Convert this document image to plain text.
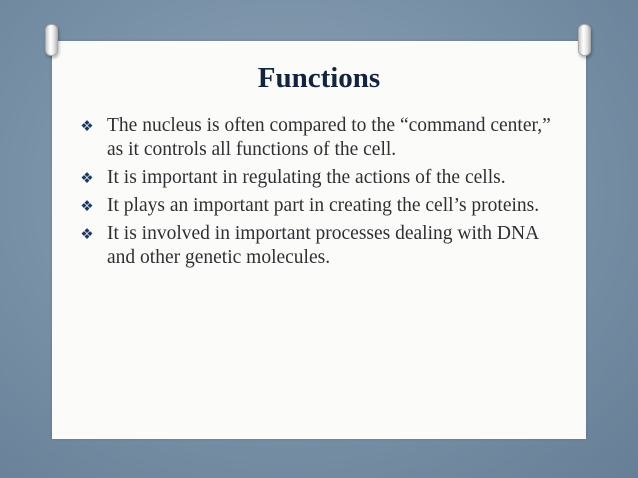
Functions
❖ The nucleus is often compared to the “command center,” as it controls all functions of the cell.
❖ It is important in regulating the actions of the cells.
❖ It plays an important part in creating the cell’s proteins.
❖ It is involved in important processes dealing with DNA and other genetic molecules.
